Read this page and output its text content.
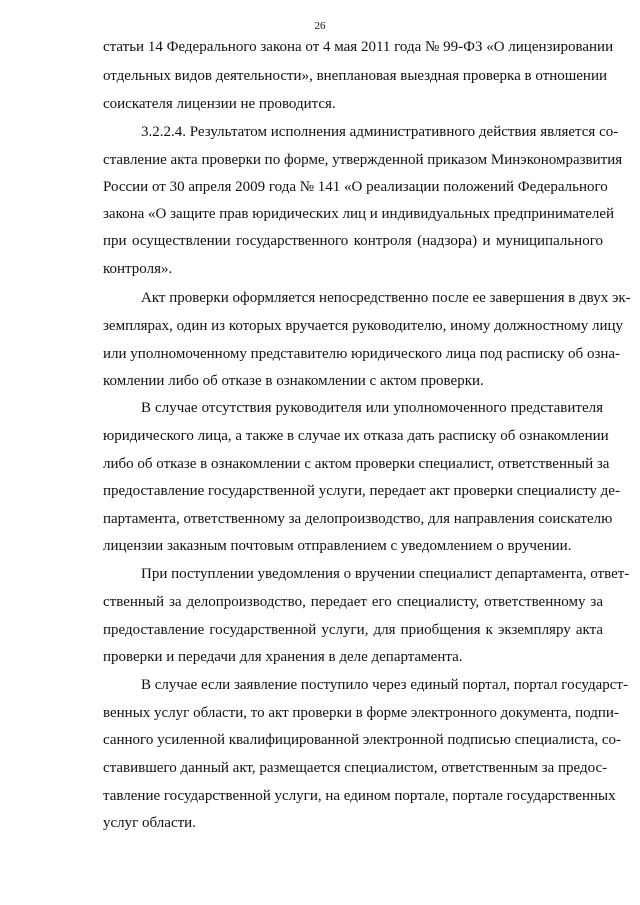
26
статьи 14 Федерального закона от 4 мая 2011 года № 99-ФЗ «О лицензировании
отдельных видов деятельности», внеплановая выездная проверка в отношении
соискателя лицензии не проводится.
3.2.2.4. Результатом исполнения административного действия является со-
ставление акта проверки по форме, утвержденной приказом Минэкономразвития
России от 30 апреля 2009 года № 141 «О реализации положений Федерального
закона «О защите прав юридических лиц и индивидуальных предпринимателей
при осуществлении государственного контроля (надзора) и муниципального
контроля».
Акт проверки оформляется непосредственно после ее завершения в двух эк-
земплярах, один из которых вручается руководителю, иному должностному лицу
или уполномоченному представителю юридического лица под расписку об озна-
комлении либо об отказе в ознакомлении с актом проверки.
В случае отсутствия руководителя или уполномоченного представителя
юридического лица, а также в случае их отказа дать расписку об ознакомлении
либо об отказе в ознакомлении с актом проверки специалист, ответственный за
предоставление государственной услуги, передает акт проверки специалисту де-
партамента, ответственному за делопроизводство, для направления соискателю
лицензии заказным почтовым отправлением с уведомлением о вручении.
При поступлении уведомления о вручении специалист департамента, ответ-
ственный за делопроизводство, передает его специалисту, ответственному за
предоставление государственной услуги, для приобщения к экземпляру акта
проверки и передачи для хранения в деле департамента.
В случае если заявление поступило через единый портал, портал государст-
венных услуг области, то акт проверки в форме электронного документа, подпи-
санного усиленной квалифицированной электронной подписью специалиста, со-
ставившего данный акт, размещается специалистом, ответственным за предос-
тавление государственной услуги, на едином портале, портале государственных
услуг области.
